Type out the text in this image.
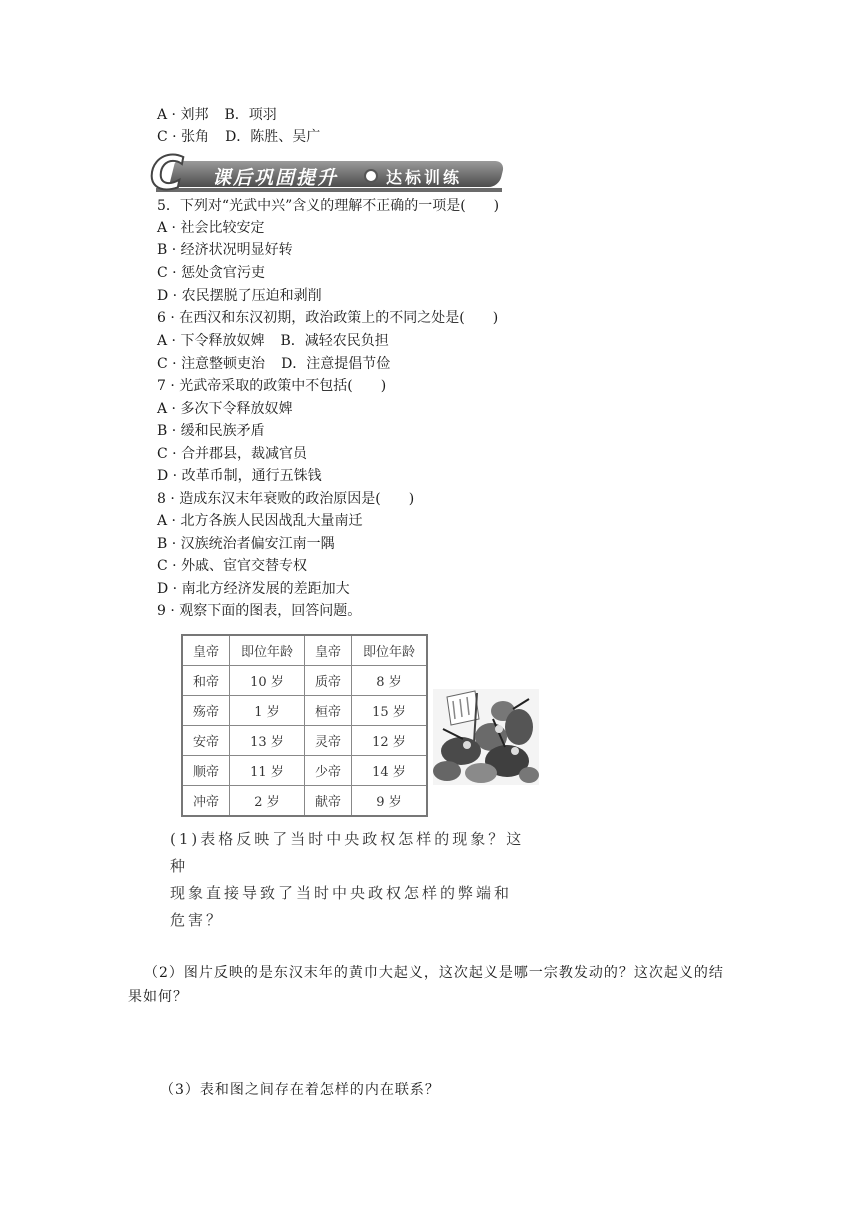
A · 刘邦 B．项羽
C · 张角 D．陈胜、吴广
C 课后巩固提升	达标训练
5．下列对“光武中兴”含义的理解不正确的一项是(　　)
A · 社会比较安定
B · 经济状况明显好转
C · 惩处贪官污吏
D · 农民摆脱了压迫和剥削
6 · 在西汉和东汉初期，政治政策上的不同之处是(　　)
A · 下令释放奴婢 B．减轻农民负担
C · 注意整顿吏治 D．注意提倡节俭
7 · 光武帝采取的政策中不包括(　　)
A · 多次下令释放奴婢
B · 缓和民族矛盾
C · 合并郡县，裁减官员
D · 改革币制，通行五铢钱
8 · 造成东汉末年衰败的政治原因是(　　)
A · 北方各族人民因战乱大量南迁
B · 汉族统治者偏安江南一隅
C · 外戚、宦官交替专权
D · 南北方经济发展的差距加大
9 · 观察下面的图表，回答问题。
皇帝	即位年龄	皇帝	即位年龄
和帝	10 岁	质帝	8 岁
殇帝	1 岁	桓帝	15 岁
安帝	13 岁	灵帝	12 岁
顺帝	11 岁	少帝	14 岁
冲帝	2 岁	献帝	9 岁
(1)表格反映了当时中央政权怎样的现象？这种
现象直接导致了当时中央政权怎样的弊端和
危害？
（2）图片反映的是东汉末年的黄巾大起义，这次起义是哪一宗教发动的？这次起义的结
果如何？
（3）表和图之间存在着怎样的内在联系？
